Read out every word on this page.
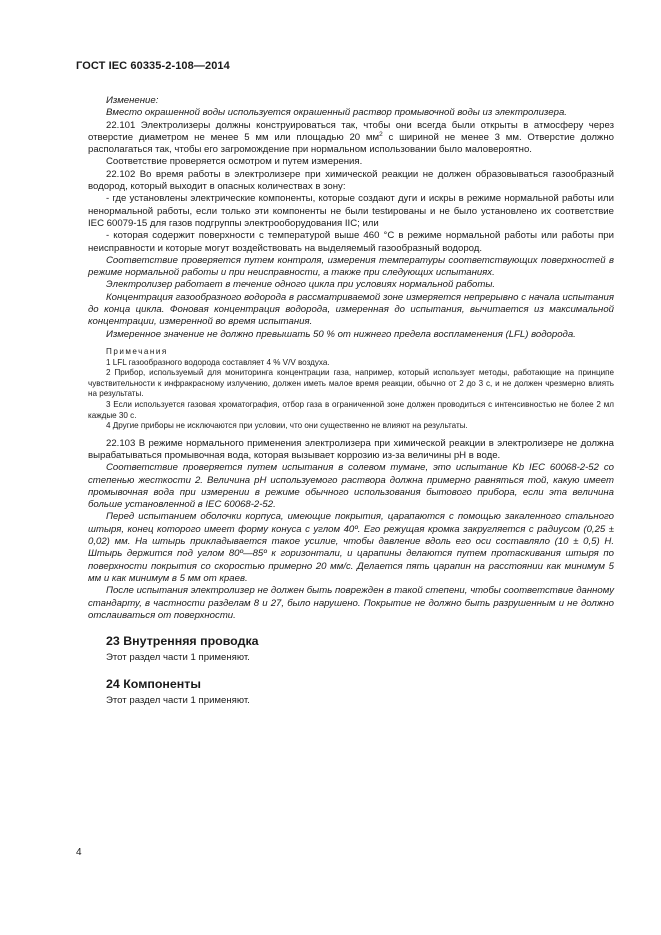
ГОСТ IEC 60335-2-108—2014

Изменение:

Вместо окрашенной воды используется окрашенный раствор промывочной воды из электролизера.

22.101 Электролизеры должны конструироваться так, чтобы они всегда были открыты в атмосферу через отверстие диаметром не менее 5 мм или площадью 20 $мм^2$ с шириной не менее 3 мм. Отверстие должно располагаться так, чтобы его загромождение при нормальном использовании было маловероятно.

Соответствие проверяется осмотром и путем измерения.

22.102 Во время работы в электролизере при химической реакции не должен образовываться газообразный водород, который выходит в опасных количествах в зону:

- где установлены электрические компоненты, которые создают дуги и искры в режиме нормальной работы или ненормальной работы, если только эти компоненты не были testированы и не было установлено их соответствие IEC 60079-15 для газов подгруппы электрооборудования IIC; или

- которая содержит поверхности с температурой выше 460 °С в режиме нормальной работы или работы при неисправности и которые могут воздействовать на выделяемый газообразный водород.

Соответствие проверяется путем контроля, измерения температуры соответствующих поверхностей в режиме нормальной работы и при неисправности, а также при следующих испытаниях.

Электролизер работает в течение одного цикла при условиях нормальной работы.

Концентрация газообразного водорода в рассматриваемой зоне измеряется непрерывно с начала испытания до конца цикла. Фоновая концентрация водорода, измеренная до испытания, вычитается из максимальной концентрации, измеренной во время испытания.

Измеренное значение не должно превышать 50 % от нижнего предела воспламенения (LFL) водорода.

Примечания

1 LFL газообразного водорода составляет 4 % V/V воздуха.

2 Прибор, используемый для мониторинга концентрации газа, например, который использует методы, работающие на принципе чувствительности к инфракрасному излучению, должен иметь малое время реакции, обычно от 2 до 3 с, и не должен чрезмерно влиять на результаты.

3 Если используется газовая хроматография, отбор газа в ограниченной зоне должен проводиться с интенсивностью не более 2 мл каждые 30 с.

4 Другие приборы не исключаются при условии, что они существенно не влияют на результаты.

22.103 В режиме нормального применения электролизера при химической реакции в электролизере не должна вырабатываться промывочная вода, которая вызывает коррозию из-за величины pH в воде.

Соответствие проверяется путем испытания в солевом тумане, это испытание Kb IEC 60068-2-52 со степенью жесткости 2. Величина pH используемого раствора должна примерно равняться той, какую имеет промывочная вода при измерении в режиме обычного использования бытового прибора, если эта величина больше установленной в IEC 60068-2-52.

Перед испытанием оболочки корпуса, имеющие покрытия, царапаются с помощью закаленного стального штыря, конец которого имеет форму конуса с углом 40º. Его режущая кромка закругляется с радиусом (0,25 ± 0,02) мм. На штырь прикладывается такое усилие, чтобы давление вдоль его оси составляло (10 ± 0,5) Н. Штырь держится под углом 80º—85º к горизонтали, и царапины делаются путем протаскивания штыря по поверхности покрытия со скоростью примерно 20 мм/с. Делается пять царапин на расстоянии как минимум 5 мм и как минимум в 5 мм от краев.

После испытания электролизер не должен быть поврежден в такой степени, чтобы соответствие данному стандарту, в частности разделам 8 и 27, было нарушено. Покрытие не должно быть разрушенным и не должно отслаиваться от поверхности.

23 Внутренняя проводка

Этот раздел части 1 применяют.

24 Компоненты

Этот раздел части 1 применяют.

4
